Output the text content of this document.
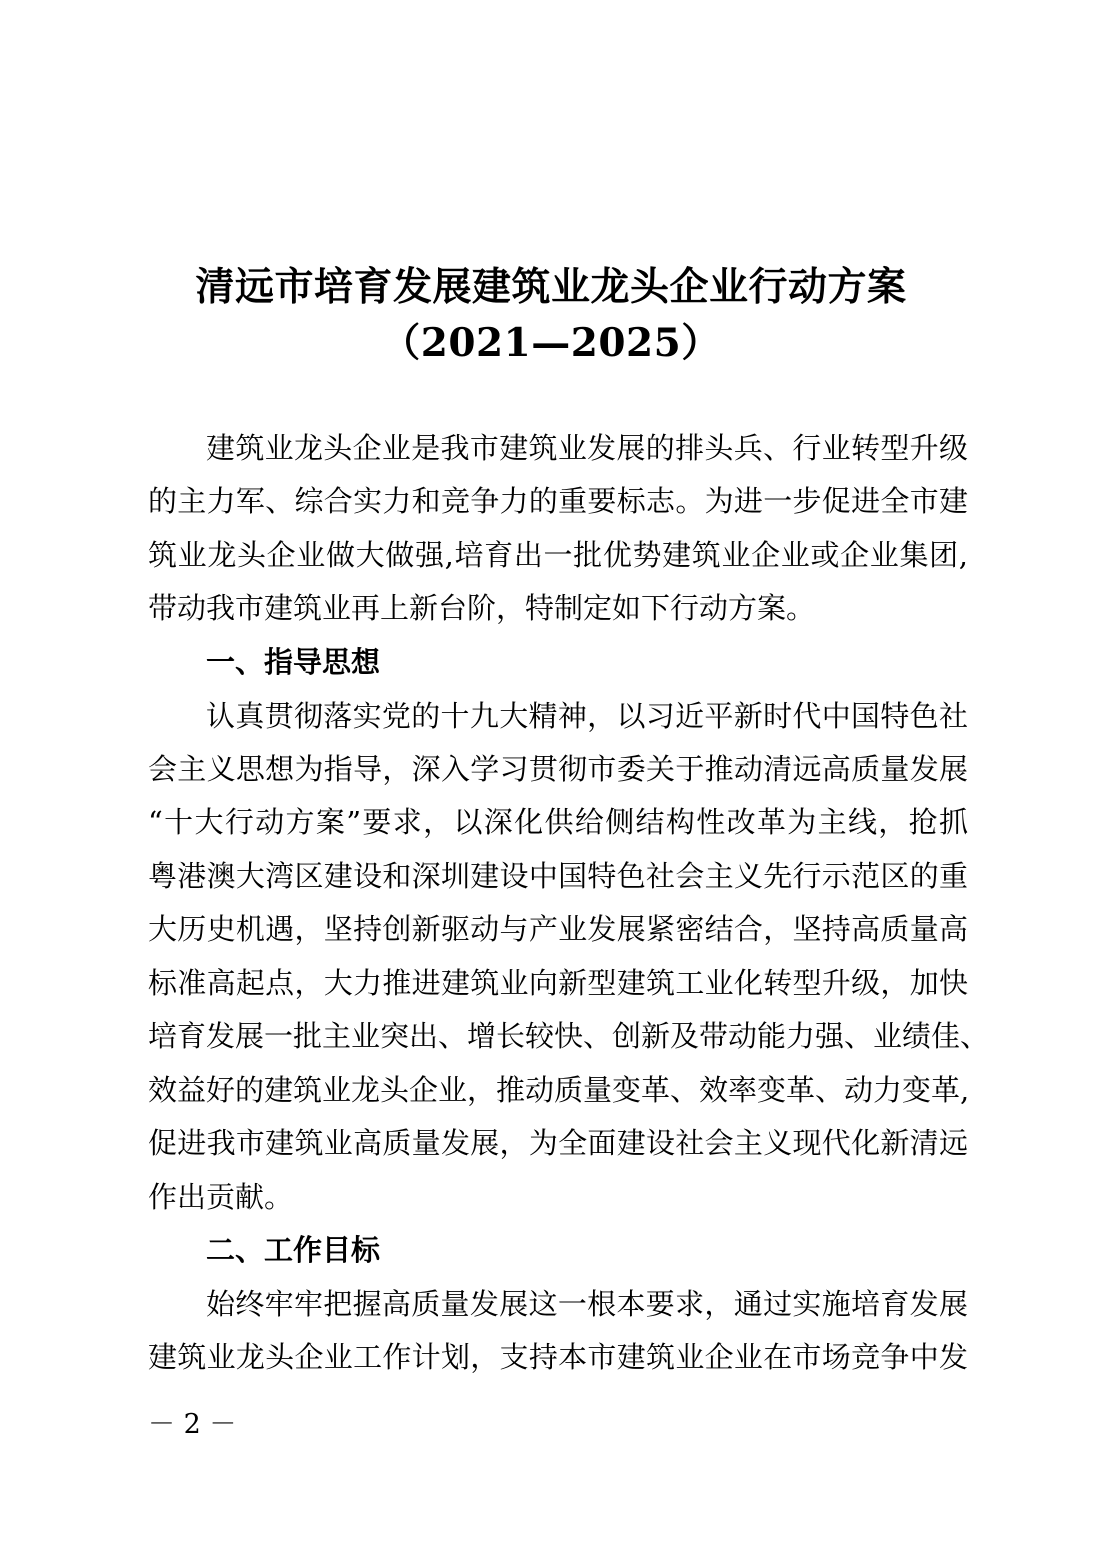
清远市培育发展建筑业龙头企业行动方案
（2021—2025）
建筑业龙头企业是我市建筑业发展的排头兵、行业转型升级
的主力军、综合实力和竞争力的重要标志。为进一步促进全市建
筑业龙头企业做大做强,培育出一批优势建筑业企业或企业集团,
带动我市建筑业再上新台阶，特制定如下行动方案。
一、指导思想
认真贯彻落实党的十九大精神，以习近平新时代中国特色社
会主义思想为指导，深入学习贯彻市委关于推动清远高质量发展
“十大行动方案”要求，以深化供给侧结构性改革为主线，抢抓
粤港澳大湾区建设和深圳建设中国特色社会主义先行示范区的重
大历史机遇，坚持创新驱动与产业发展紧密结合，坚持高质量高
标准高起点，大力推进建筑业向新型建筑工业化转型升级，加快
培育发展一批主业突出、增长较快、创新及带动能力强、业绩佳、
效益好的建筑业龙头企业，推动质量变革、效率变革、动力变革,
促进我市建筑业高质量发展，为全面建设社会主义现代化新清远
作出贡献。
二、工作目标
始终牢牢把握高质量发展这一根本要求，通过实施培育发展
建筑业龙头企业工作计划，支持本市建筑业企业在市场竞争中发
－ 2 －
